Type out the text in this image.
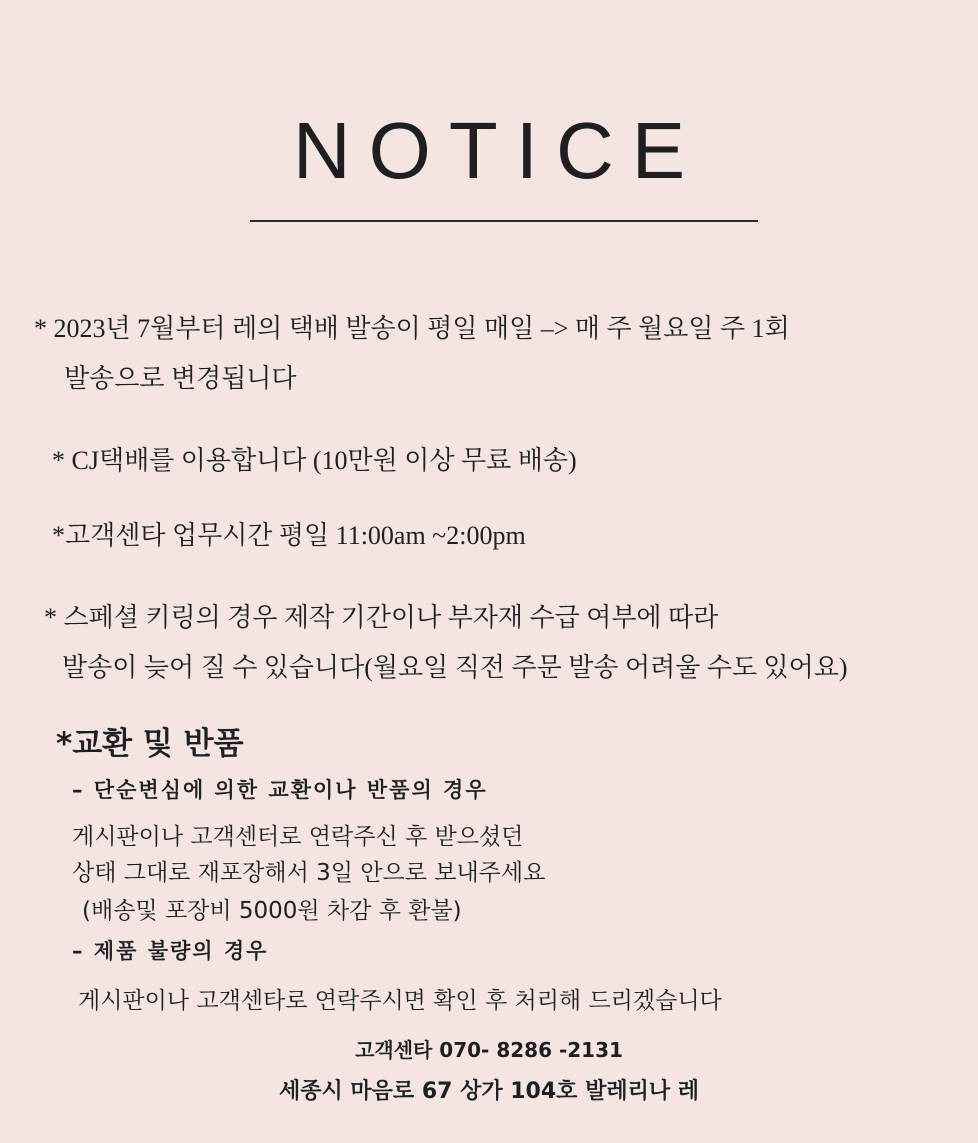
NOTICE
* 2023년 7월부터 레의 택배 발송이 평일 매일 –> 매 주 월요일 주 1회
발송으로 변경됩니다
* CJ택배를 이용합니다 (10만원 이상 무료 배송)
*고객센타 업무시간 평일 11:00am ~2:00pm
* 스페셜 키링의 경우 제작 기간이나 부자재 수급 여부에 따라
발송이 늦어 질 수 있습니다(월요일 직전 주문 발송 어려울 수도 있어요)
*교환 및 반품
– 단순변심에 의한 교환이나 반품의 경우
게시판이나 고객센터로 연락주신 후 받으셨던
상태 그대로 재포장해서 3일 안으로 보내주세요
(배송및 포장비 5000원 차감 후 환불)
– 제품 불량의 경우
게시판이나 고객센타로 연락주시면 확인 후 처리해 드리겠습니다
고객센타 070- 8286 -2131
세종시 마음로 67 상가 104호 발레리나 레
